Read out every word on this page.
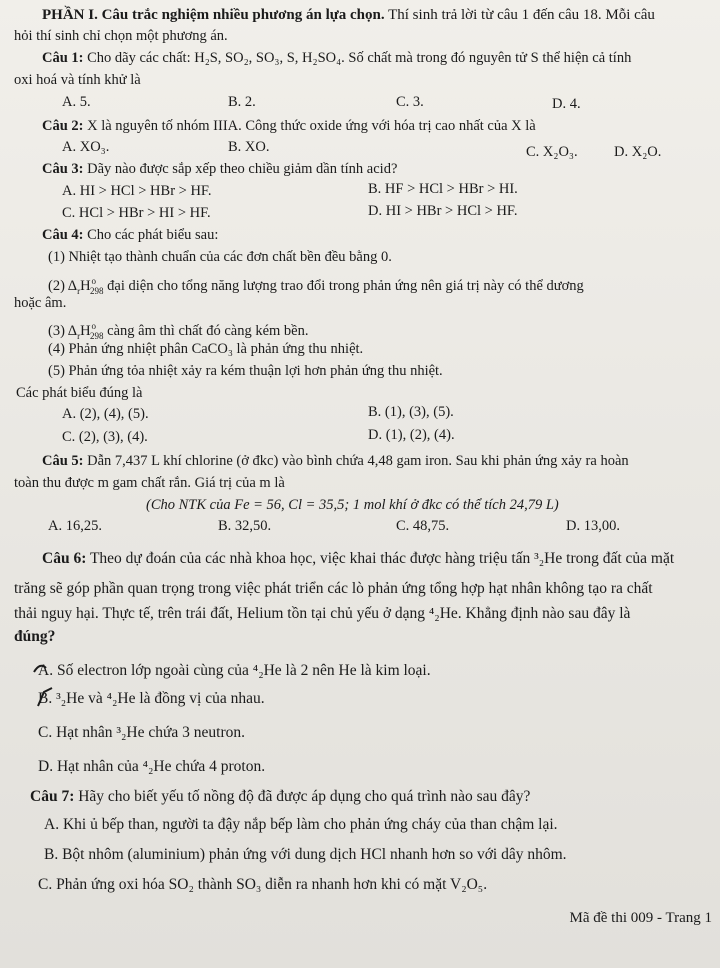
PHẦN I. Câu trắc nghiệm nhiều phương án lựa chọn. Thí sinh trả lời từ câu 1 đến câu 18. Mỗi câu
hỏi thí sinh chỉ chọn một phương án.
Câu 1: Cho dãy các chất: H₂S, SO₂, SO₃, S, H₂SO₄. Số chất mà trong đó nguyên tử S thể hiện cả tính
oxi hoá và tính khử là
A. 5.	B. 2.	C. 3.	D. 4.
Câu 2: X là nguyên tố nhóm IIIA. Công thức oxide ứng với hóa trị cao nhất của X là
A. XO₃.	B. XO.	C. X₂O₃.	D. X₂O.
Câu 3: Dãy nào được sắp xếp theo chiều giảm dần tính acid?
A. HI > HCl > HBr > HF.	B. HF > HCl > HBr > HI.
C. HCl > HBr > HI > HF.	D. HI > HBr > HCl > HF.
Câu 4: Cho các phát biểu sau:
(1) Nhiệt tạo thành chuẩn của các đơn chất bền đều bằng 0.
(2) $\Delta_rH^o_{298}$ đại diện cho tổng năng lượng trao đổi trong phản ứng nên giá trị này có thể dương
hoặc âm.
(3) $\Delta_rH^o_{298}$ càng âm thì chất đó càng kém bền.
(4) Phản ứng nhiệt phân CaCO₃ là phản ứng thu nhiệt.
(5) Phản ứng tỏa nhiệt xảy ra kém thuận lợi hơn phản ứng thu nhiệt.
Các phát biểu đúng là
A. (2), (4), (5).	B. (1), (3), (5).
C. (2), (3), (4).	D. (1), (2), (4).
Câu 5: Dẫn 7,437 L khí chlorine (ở đkc) vào bình chứa 4,48 gam iron. Sau khi phản ứng xảy ra hoàn
toàn thu được m gam chất rắn. Giá trị của m là
(Cho NTK của Fe = 56, Cl = 35,5; 1 mol khí ở đkc có thể tích 24,79 L)
A. 16,25.	B. 32,50.	C. 48,75.	D. 13,00.
Câu 6: Theo dự đoán của các nhà khoa học, việc khai thác được hàng triệu tấn ³₂He trong đất của mặt
trăng sẽ góp phần quan trọng trong việc phát triển các lò phản ứng tổng hợp hạt nhân không tạo ra chất
thải nguy hại. Thực tế, trên trái đất, Helium tồn tại chủ yếu ở dạng ⁴₂He. Khẳng định nào sau đây là
đúng?
A. Số electron lớp ngoài cùng của ⁴₂He là 2 nên He là kim loại.
B. ³₂He và ⁴₂He là đồng vị của nhau.
C. Hạt nhân ³₂He chứa 3 neutron.
D. Hạt nhân của ⁴₂He chứa 4 proton.
Câu 7: Hãy cho biết yếu tố nồng độ đã được áp dụng cho quá trình nào sau đây?
A. Khi ủ bếp than, người ta đậy nắp bếp làm cho phản ứng cháy của than chậm lại.
B. Bột nhôm (aluminium) phản ứng với dung dịch HCl nhanh hơn so với dây nhôm.
C. Phản ứng oxi hóa SO₂ thành SO₃ diễn ra nhanh hơn khi có mặt V₂O₅.
Mã đề thi 009 - Trang 1
